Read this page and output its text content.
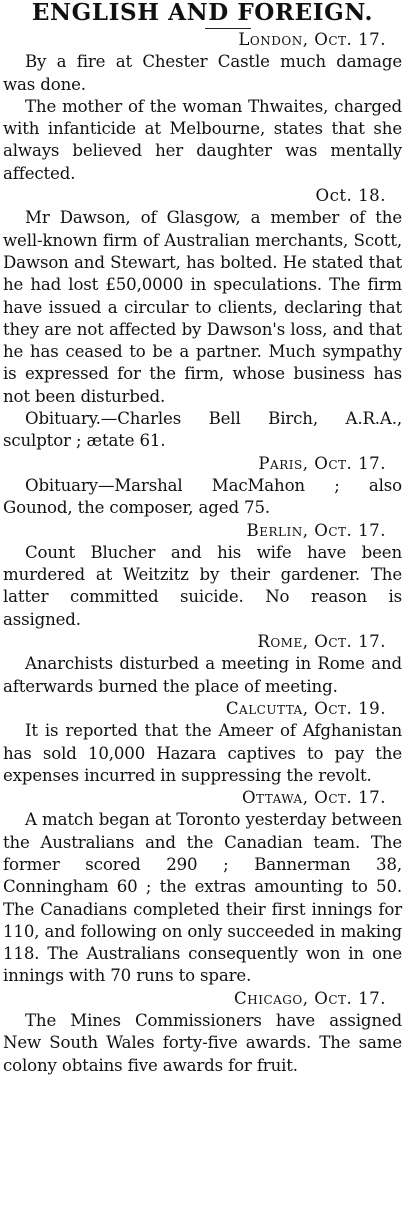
ENGLISH AND FOREIGN.
London, Oct. 17.

By a fire at Chester Castle much damage was done.

The mother of the woman Thwaites, charged with infanticide at Melbourne, states that she always believed her daughter was mentally affected.

Oct. 18.

Mr Dawson, of Glasgow, a member of the well-known firm of Australian merchants, Scott, Dawson and Stewart, has bolted. He stated that he had lost £50,0000 in speculations. The firm have issued a circular to clients, declaring that they are not affected by Dawson's loss, and that he has ceased to be a partner. Much sympathy is expressed for the firm, whose business has not been disturbed.

Obituary.—Charles Bell Birch, A.R.A., sculptor ; ætate 61.

Paris, Oct. 17.

Obituary—Marshal MacMahon ; also Gounod, the composer, aged 75.

Berlin, Oct. 17.

Count Blucher and his wife have been murdered at Weitzitz by their gardener. The latter committed suicide. No reason is assigned.

Rome, Oct. 17.

Anarchists disturbed a meeting in Rome and afterwards burned the place of meeting.

Calcutta, Oct. 19.

It is reported that the Ameer of Afghanistan has sold 10,000 Hazara captives to pay the expenses incurred in suppressing the revolt.

Ottawa, Oct. 17.

A match began at Toronto yesterday between the Australians and the Canadian team. The former scored 290 ; Bannerman 38, Conningham 60 ; the extras amounting to 50. The Canadians completed their first innings for 110, and following on only succeeded in making 118. The Australians consequently won in one innings with 70 runs to spare.

Chicago, Oct. 17.

The Mines Commissioners have assigned New South Wales forty-five awards. The same colony obtains five awards for fruit.
